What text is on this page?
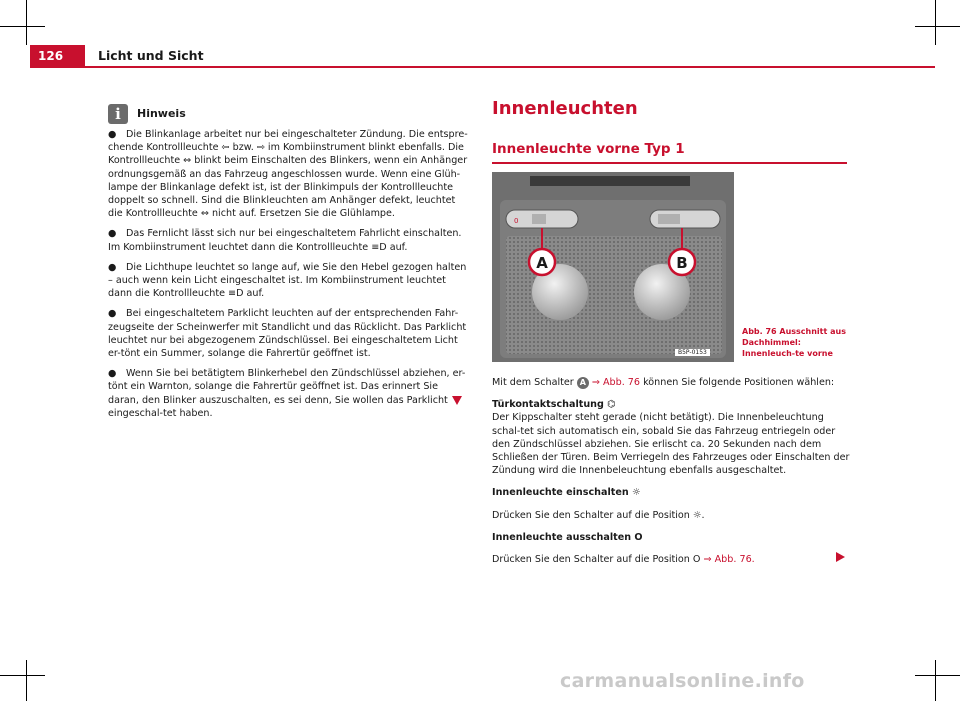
126	Licht und Sicht
i	Hinweis

● Die Blinkanlage arbeitet nur bei eingeschalteter Zündung. Die entspre-chende Kontrollleuchte ⇦ bzw. ⇨ im Kombiinstrument blinkt ebenfalls. Die Kontrollleuchte ⇔ blinkt beim Einschalten des Blinkers, wenn ein Anhänger ordnungsgemäß an das Fahrzeug angeschlossen wurde. Wenn eine Glüh-lampe der Blinkanlage defekt ist, ist der Blinkimpuls der Kontrollleuchte doppelt so schnell. Sind die Blinkleuchten am Anhänger defekt, leuchtet die Kontrollleuchte ⇔ nicht auf. Ersetzen Sie die Glühlampe.

● Das Fernlicht lässt sich nur bei eingeschaltetem Fahrlicht einschalten. Im Kombiinstrument leuchtet dann die Kontrollleuchte ≡D auf.

● Die Lichthupe leuchtet so lange auf, wie Sie den Hebel gezogen halten – auch wenn kein Licht eingeschaltet ist. Im Kombiinstrument leuchtet dann die Kontrollleuchte ≡D auf.

● Bei eingeschaltetem Parklicht leuchten auf der entsprechenden Fahr-zeugseite der Scheinwerfer mit Standlicht und das Rücklicht. Das Parklicht leuchtet nur bei abgezogenem Zündschlüssel. Bei eingeschaltetem Licht er-tönt ein Summer, solange die Fahrertür geöffnet ist.

● Wenn Sie bei betätigtem Blinkerhebel den Zündschlüssel abziehen, er-tönt ein Warnton, solange die Fahrertür geöffnet ist. Das erinnert Sie daran, den Blinker auszuschalten, es sei denn, Sie wollen das Parklicht eingeschal-tet haben.

Innenleuchten
Innenleuchte vorne Typ 1
0
A	B
B5P-0153
Abb. 76 Ausschnitt aus Dachhimmel: Innenleuch-te vorne

Mit dem Schalter A ⇒ Abb. 76 können Sie folgende Positionen wählen:

Türkontaktschaltung ⌬
Der Kippschalter steht gerade (nicht betätigt). Die Innenbeleuchtung schal-tet sich automatisch ein, sobald Sie das Fahrzeug entriegeln oder den Zündschlüssel abziehen. Sie erlischt ca. 20 Sekunden nach dem Schließen der Türen. Beim Verriegeln des Fahrzeuges oder Einschalten der Zündung wird die Innenbeleuchtung ebenfalls ausgeschaltet.

Innenleuchte einschalten ☼

Drücken Sie den Schalter auf die Position ☼.

Innenleuchte ausschalten O

Drücken Sie den Schalter auf die Position O ⇒ Abb. 76.

carmanualsonline.info
